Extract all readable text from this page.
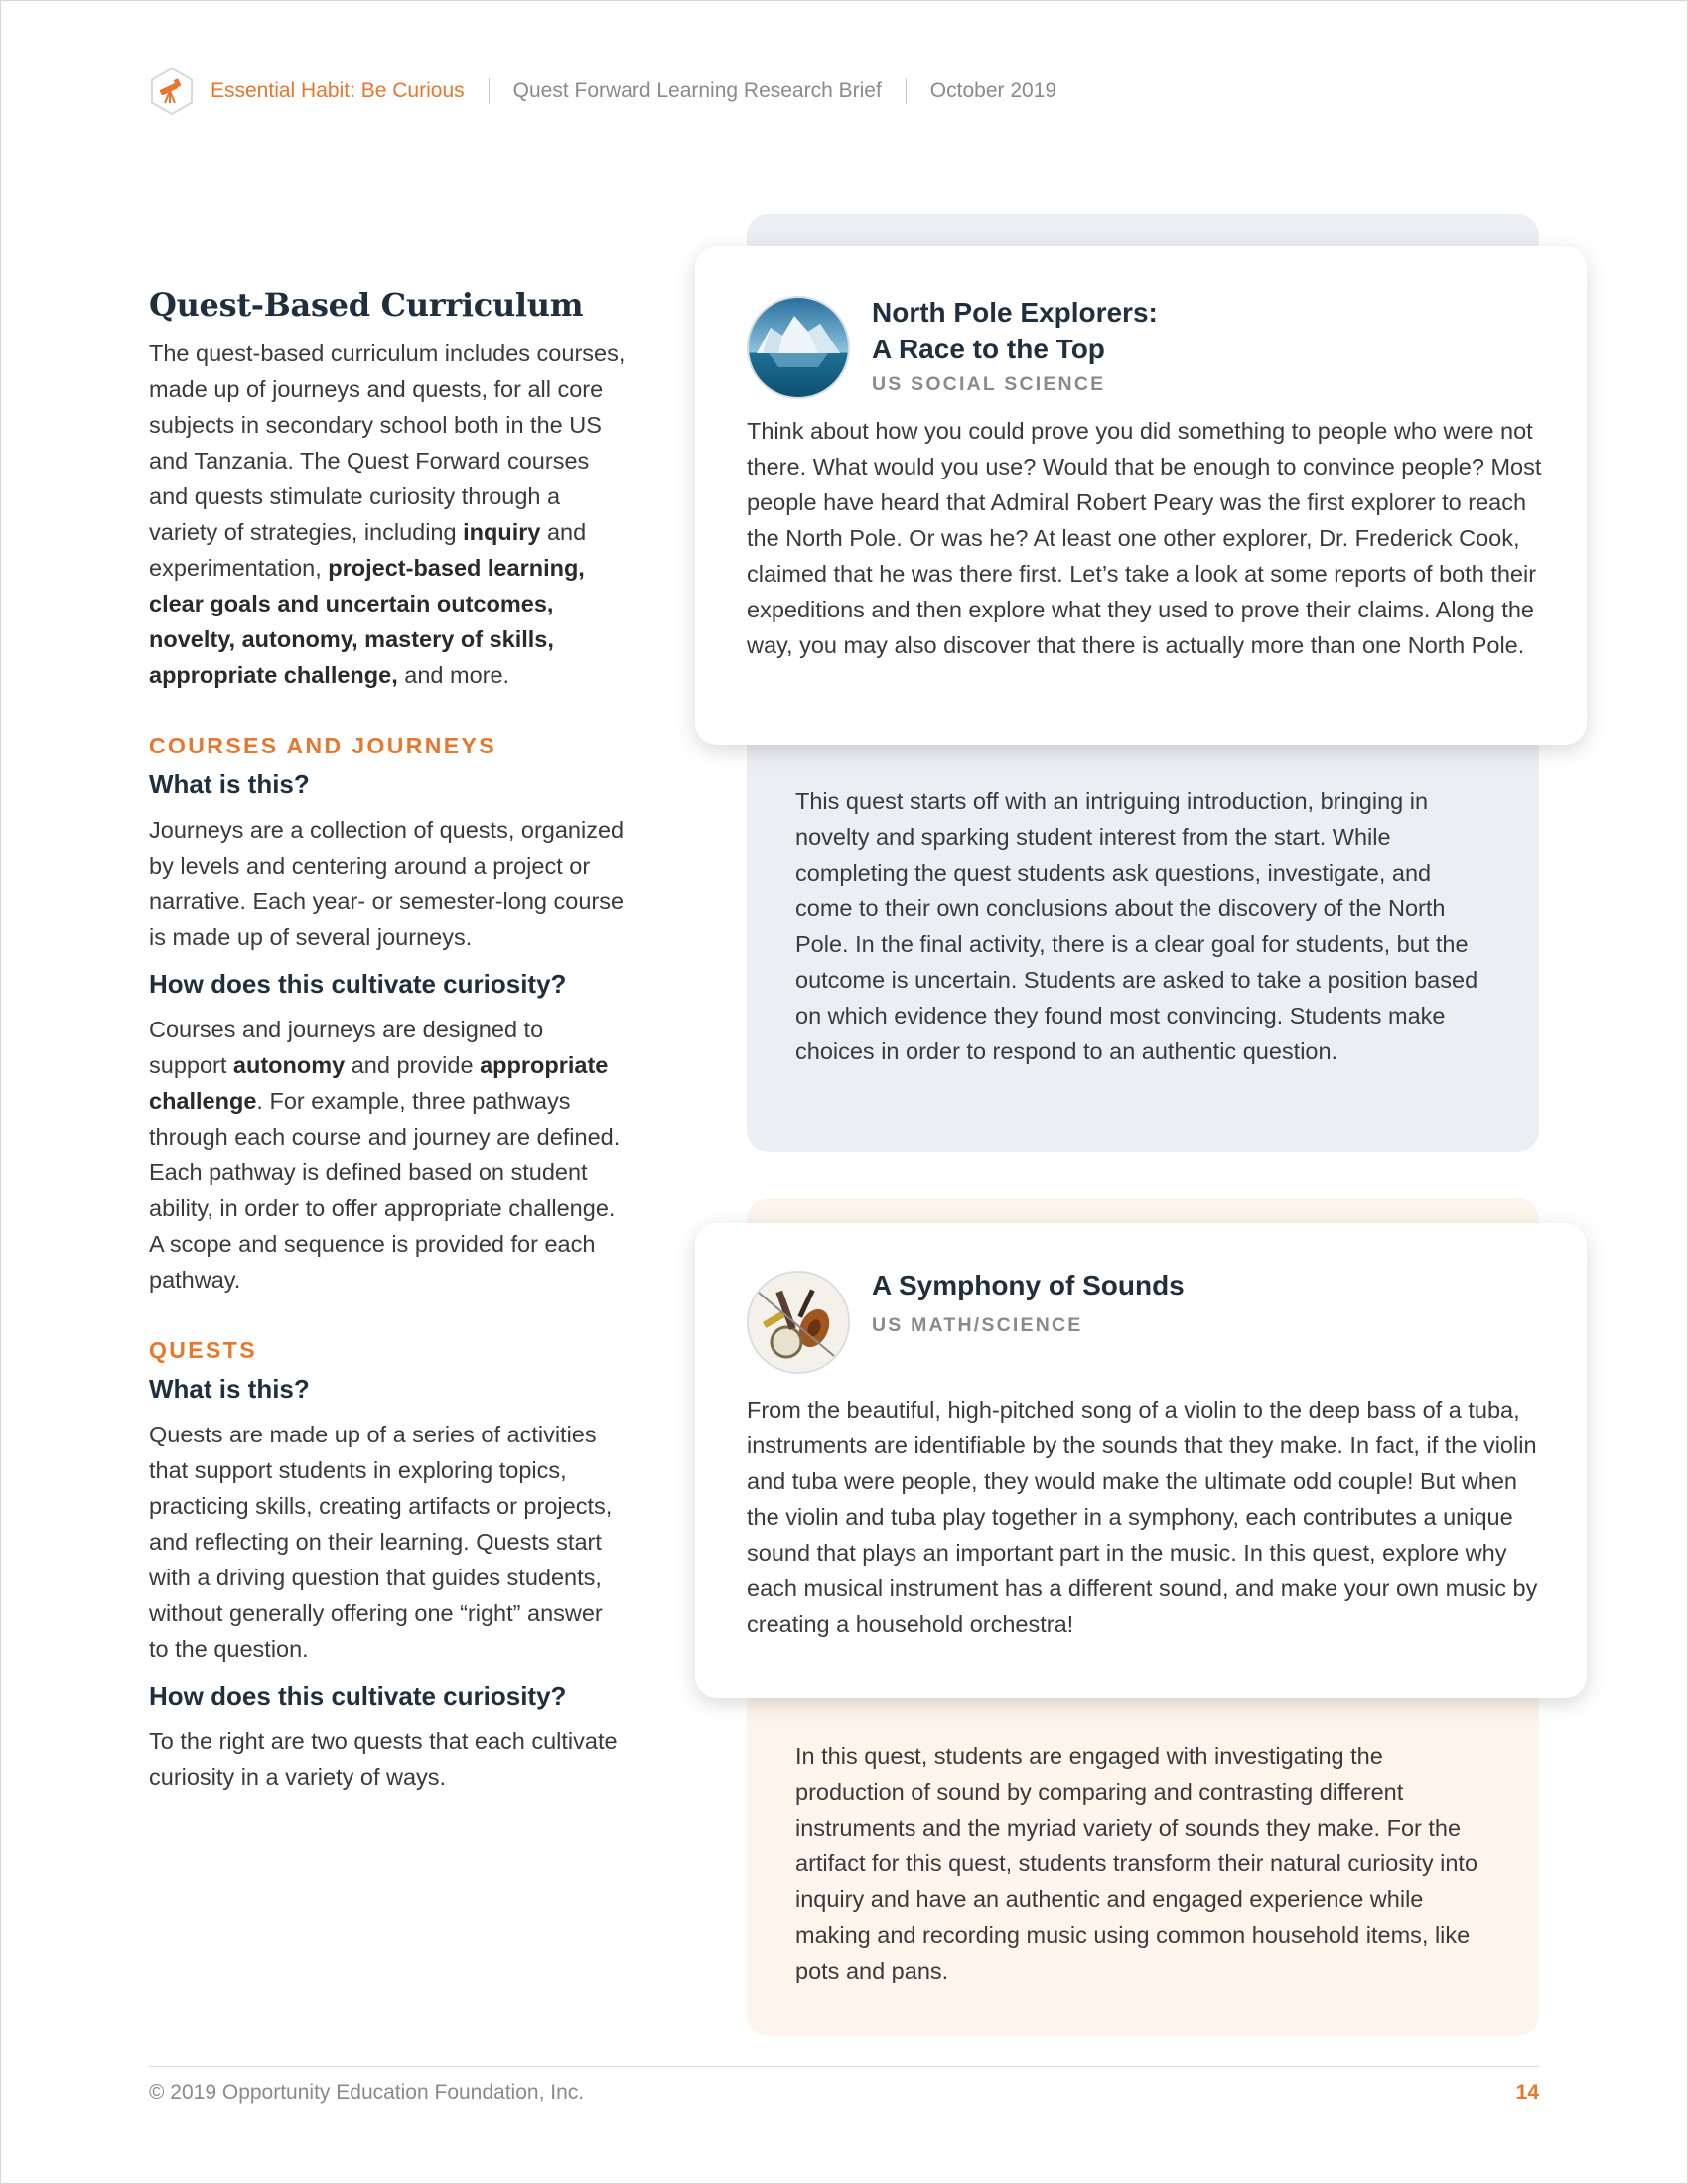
Essential Habit: Be Curious Quest Forward Learning Research Brief October 2019
Quest-Based Curriculum

The quest-based curriculum includes courses, made up of journeys and quests, for all core subjects in secondary school both in the US and Tanzania. The Quest Forward courses and quests stimulate curiosity through a variety of strategies, including inquiry and experimentation, project-based learning, clear goals and uncertain outcomes, novelty, autonomy, mastery of skills, appropriate challenge, and more.

COURSES AND JOURNEYS
What is this?

Journeys are a collection of quests, organized by levels and centering around a project or narrative. Each year- or semester-long course is made up of several journeys.

How does this cultivate curiosity?

Courses and journeys are designed to support autonomy and provide appropriate challenge. For example, three pathways through each course and journey are defined. Each pathway is defined based on student ability, in order to offer appropriate challenge. A scope and sequence is provided for each pathway.

QUESTS
What is this?

Quests are made up of a series of activities that support students in exploring topics, practicing skills, creating artifacts or projects, and reflecting on their learning. Quests start with a driving question that guides students, without generally offering one “right” answer to the question.

How does this cultivate curiosity?

To the right are two quests that each cultivate curiosity in a variety of ways.

North Pole Explorers:
A Race to the Top
US SOCIAL SCIENCE

Think about how you could prove you did something to people who were not there. What would you use? Would that be enough to convince people? Most people have heard that Admiral Robert Peary was the first explorer to reach the North Pole. Or was he? At least one other explorer, Dr. Frederick Cook, claimed that he was there first. Let’s take a look at some reports of both their expeditions and then explore what they used to prove their claims. Along the way, you may also discover that there is actually more than one North Pole.

This quest starts off with an intriguing introduction, bringing in novelty and sparking student interest from the start. While completing the quest students ask questions, investigate, and come to their own conclusions about the discovery of the North Pole. In the final activity, there is a clear goal for students, but the outcome is uncertain. Students are asked to take a position based on which evidence they found most convincing. Students make choices in order to respond to an authentic question.

A Symphony of Sounds
US MATH/SCIENCE

From the beautiful, high-pitched song of a violin to the deep bass of a tuba, instruments are identifiable by the sounds that they make. In fact, if the violin and tuba were people, they would make the ultimate odd couple! But when the violin and tuba play together in a symphony, each contributes a unique sound that plays an important part in the music. In this quest, explore why each musical instrument has a different sound, and make your own music by creating a household orchestra!

In this quest, students are engaged with investigating the production of sound by comparing and contrasting different instruments and the myriad variety of sounds they make. For the artifact for this quest, students transform their natural curiosity into inquiry and have an authentic and engaged experience while making and recording music using common household items, like pots and pans.

© 2019 Opportunity Education Foundation, Inc.	14
